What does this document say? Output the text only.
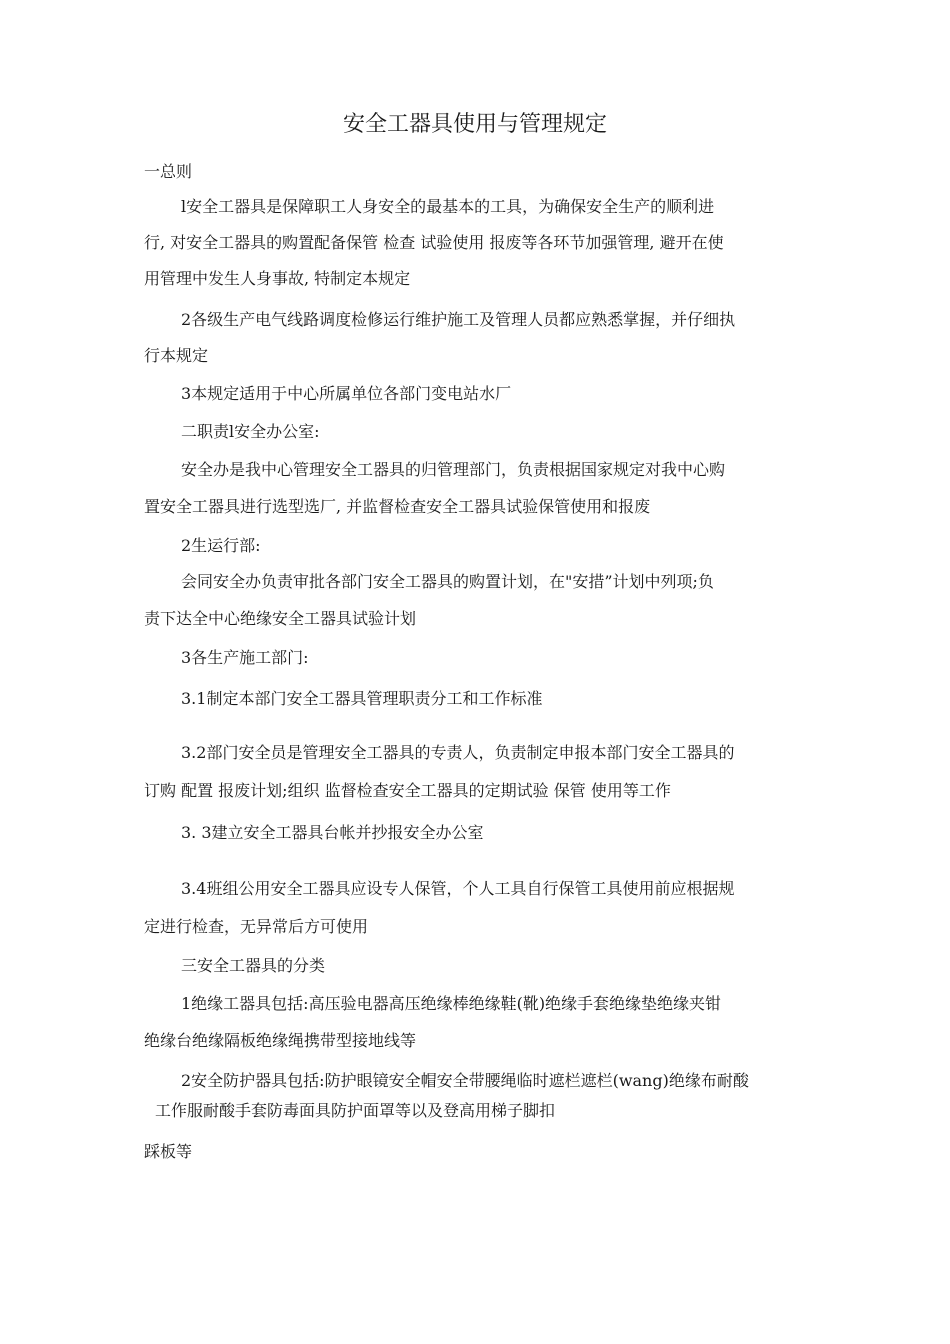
安全工器具使用与管理规定
一总则
l安全工器具是保障职工人身安全的最基本的工具，为确保安全生产的顺利进
行, 对安全工器具的购置配备保管 检查 试验使用 报废等各环节加强管理, 避开在使
用管理中发生人身事故, 特制定本规定
2各级生产电气线路调度检修运行维护施工及管理人员都应熟悉掌握，并仔细执
行本规定
3本规定适用于中心所属单位各部门变电站水厂
二职责l安全办公室:
安全办是我中心管理安全工器具的归管理部门，负责根据国家规定对我中心购
置安全工器具进行选型选厂, 并监督检查安全工器具试验保管使用和报废
2生运行部:
会同安全办负责审批各部门安全工器具的购置计划，在"安措”计划中列项;负
责下达全中心绝缘安全工器具试验计划
3各生产施工部门:
3.1制定本部门安全工器具管理职责分工和工作标准
3.2部门安全员是管理安全工器具的专责人，负责制定申报本部门安全工器具的
订购 配置 报废计划;组织 监督检查安全工器具的定期试验 保管 使用等工作
3. 3建立安全工器具台帐并抄报安全办公室
3.4班组公用安全工器具应设专人保管，个人工具自行保管工具使用前应根据规
定进行检查，无异常后方可使用
三安全工器具的分类
1绝缘工器具包括:高压验电器高压绝缘棒绝缘鞋(靴)绝缘手套绝缘垫绝缘夹钳
绝缘台绝缘隔板绝缘绳携带型接地线等
2安全防护器具包括:防护眼镜安全帽安全带腰绳临时遮栏遮栏(wang)绝缘布耐酸
工作服耐酸手套防毒面具防护面罩等以及登高用梯子脚扣
踩板等
